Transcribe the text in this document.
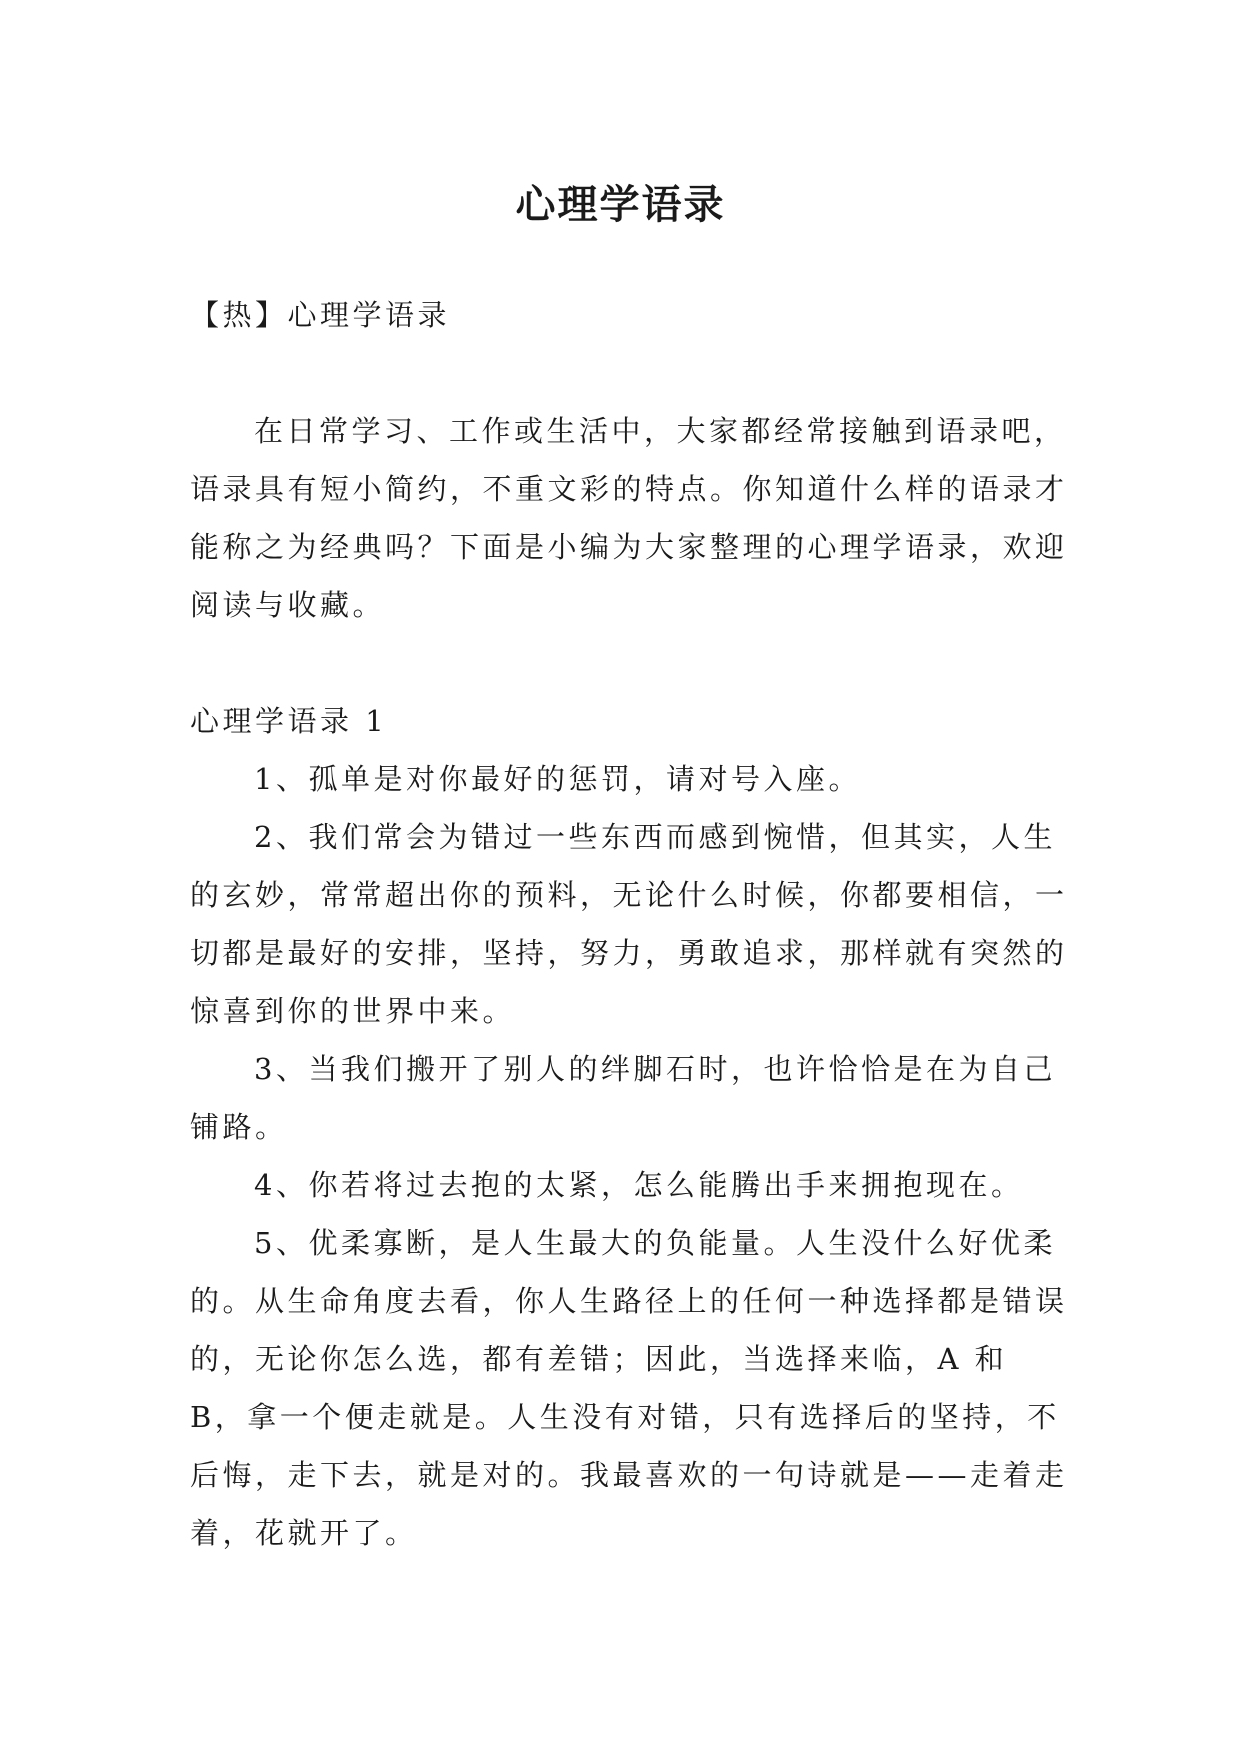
心理学语录

【热】心理学语录

在日常学习、工作或生活中，大家都经常接触到语录吧，语录具有短小简约，不重文彩的特点。你知道什么样的语录才能称之为经典吗？下面是小编为大家整理的心理学语录，欢迎阅读与收藏。

心理学语录 1

1、孤单是对你最好的惩罚，请对号入座。
2、我们常会为错过一些东西而感到惋惜，但其实，人生的玄妙，常常超出你的预料，无论什么时候，你都要相信，一切都是最好的安排，坚持，努力，勇敢追求，那样就有突然的惊喜到你的世界中来。
3、当我们搬开了别人的绊脚石时，也许恰恰是在为自己铺路。
4、你若将过去抱的太紧，怎么能腾出手来拥抱现在。
5、优柔寡断，是人生最大的负能量。人生没什么好优柔的。从生命角度去看，你人生路径上的任何一种选择都是错误的，无论你怎么选，都有差错；因此，当选择来临，A 和 B，拿一个便走就是。人生没有对错，只有选择后的坚持，不后悔，走下去，就是对的。我最喜欢的一句诗就是——走着走着，花就开了。
